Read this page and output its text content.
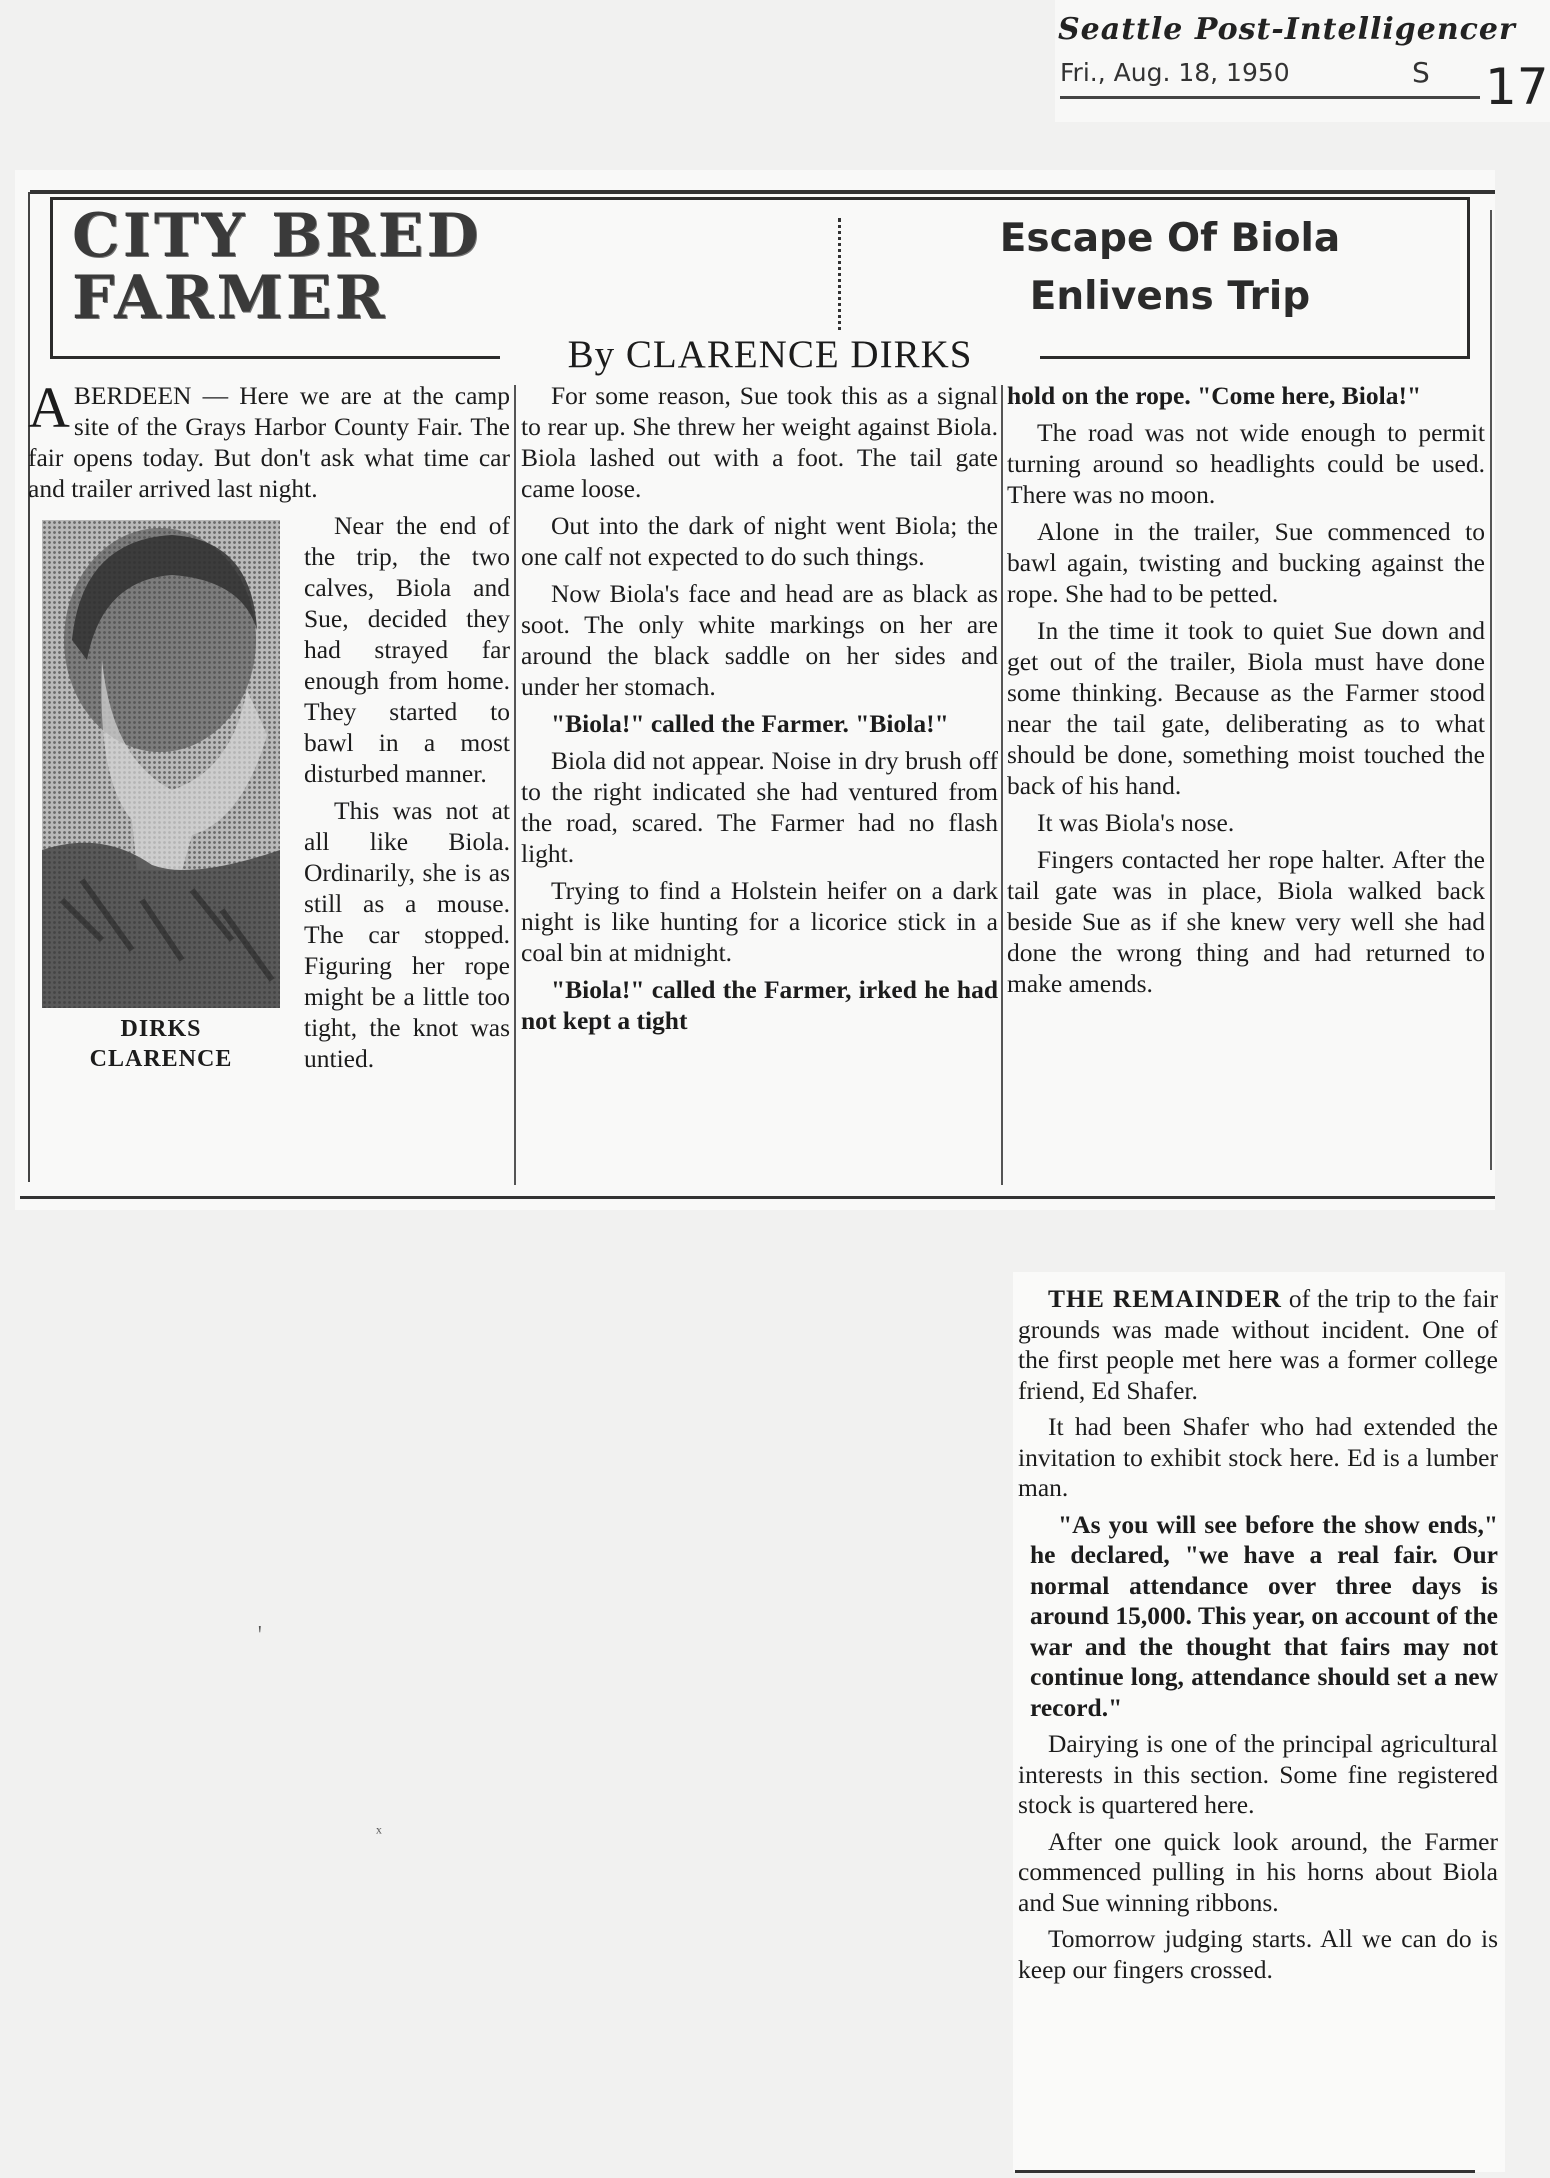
Seattle Post-Intelligencer
Fri., Aug. 18, 1950	S 17
CITY BRED FARMER
Escape Of Biola
Enlivens Trip
By CLARENCE DIRKS

ABERDEEN — Here we are at the camp site of the Grays Harbor County Fair. The fair opens today. But don't ask what time car and trailer arrived last night.

DIRKS
CLARENCE

Near the end of the trip, the two calves, Biola and Sue, decided they had strayed far enough from home. They started to bawl in a most disturbed manner.

This was not at all like Biola. Ordinarily, she is as still as a mouse. The car stopped. Figuring her rope might be a little too tight, the knot was untied.

For some reason, Sue took this as a signal to rear up. She threw her weight against Biola. Biola lashed out with a foot. The tail gate came loose.

Out into the dark of night went Biola; the one calf not expected to do such things.

Now Biola's face and head are as black as soot. The only white markings on her are around the black saddle on her sides and under her stomach.

"Biola!" called the Farmer. "Biola!"

Biola did not appear. Noise in dry brush off to the right indicated she had ventured from the road, scared. The Farmer had no flash light.

Trying to find a Holstein heifer on a dark night is like hunting for a licorice stick in a coal bin at midnight.

"Biola!" called the Farmer, irked he had not kept a tight

hold on the rope. "Come here, Biola!"

The road was not wide enough to permit turning around so headlights could be used. There was no moon.

Alone in the trailer, Sue commenced to bawl again, twisting and bucking against the rope. She had to be petted.

In the time it took to quiet Sue down and get out of the trailer, Biola must have done some thinking. Because as the Farmer stood near the tail gate, deliberating as to what should be done, something moist touched the back of his hand.

It was Biola's nose.

Fingers contacted her rope halter. After the tail gate was in place, Biola walked back beside Sue as if she knew very well she had done the wrong thing and had returned to make amends.

THE REMAINDER of the trip to the fair grounds was made without incident. One of the first people met here was a former college friend, Ed Shafer.

It had been Shafer who had extended the invitation to exhibit stock here. Ed is a lumber man.

"As you will see before the show ends," he declared, "we have a real fair. Our normal attendance over three days is around 15,000. This year, on account of the war and the thought that fairs may not continue long, attendance should set a new record."

Dairying is one of the principal agricultural interests in this section. Some fine registered stock is quartered here.

After one quick look around, the Farmer commenced pulling in his horns about Biola and Sue winning ribbons.

Tomorrow judging starts. All we can do is keep our fingers crossed.

ꞌ
ˣ
